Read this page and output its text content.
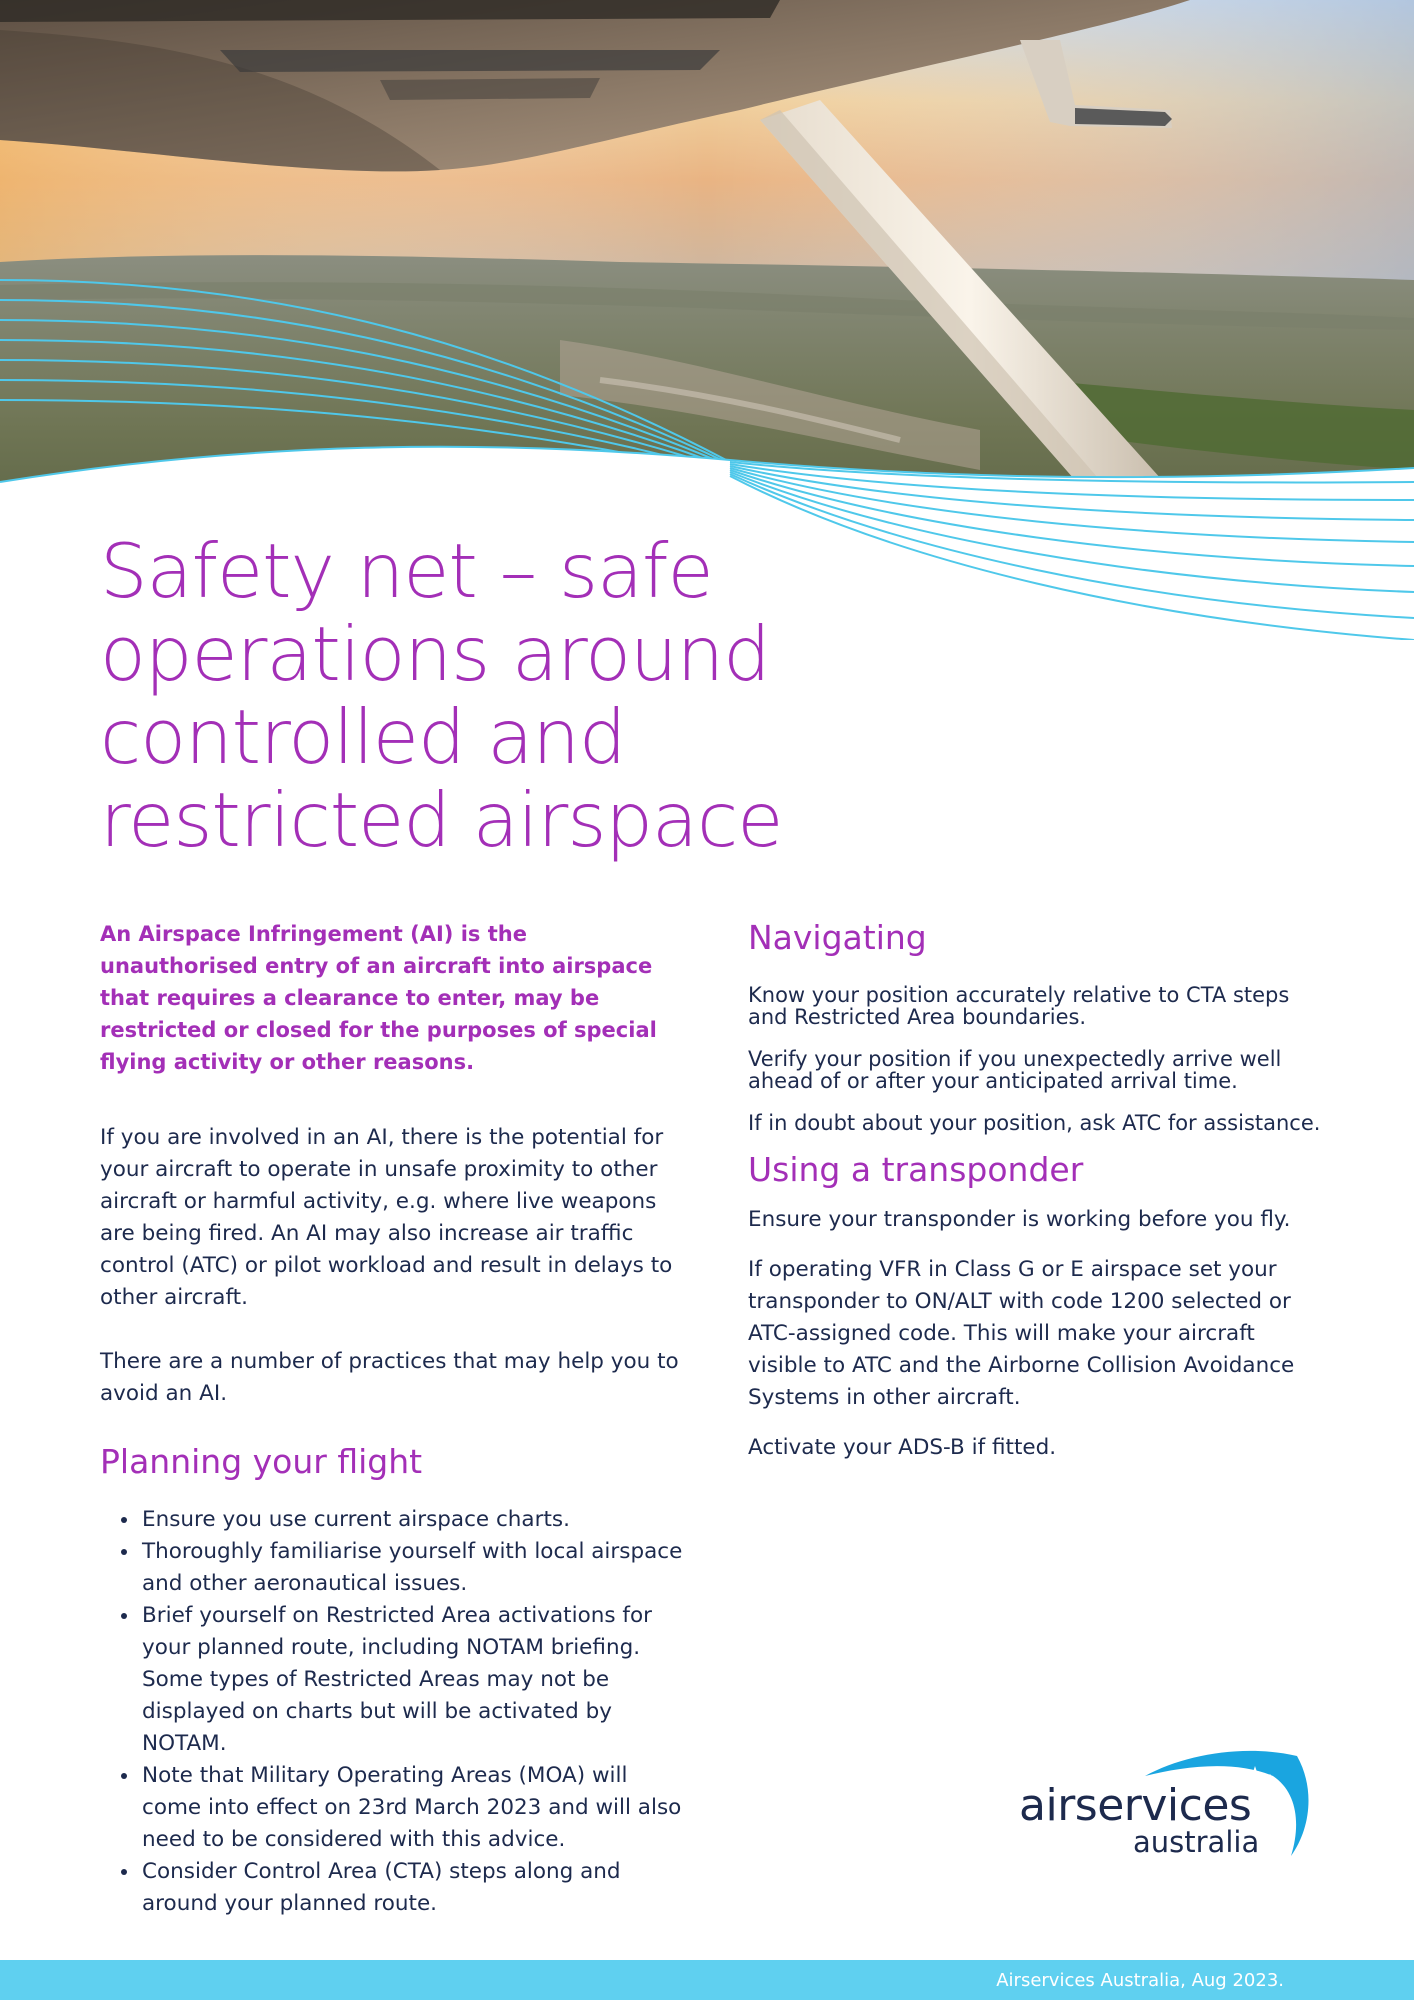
Safety net – safe operations around controlled and restricted airspace

An Airspace Infringement (AI) is the unauthorised entry of an aircraft into airspace that requires a clearance to enter, may be restricted or closed for the purposes of special flying activity or other reasons.

If you are involved in an AI, there is the potential for your aircraft to operate in unsafe proximity to other aircraft or harmful activity, e.g. where live weapons are being fired. An AI may also increase air traffic control (ATC) or pilot workload and result in delays to other aircraft.

There are a number of practices that may help you to avoid an AI.

Planning your flight
• Ensure you use current airspace charts.
• Thoroughly familiarise yourself with local airspace and other aeronautical issues.
• Brief yourself on Restricted Area activations for your planned route, including NOTAM briefing. Some types of Restricted Areas may not be displayed on charts but will be activated by NOTAM.
• Note that Military Operating Areas (MOA) will come into effect on 23rd March 2023 and will also need to be considered with this advice.
• Consider Control Area (CTA) steps along and around your planned route.
Navigating

Know your position accurately relative to CTA steps and Restricted Area boundaries.

Verify your position if you unexpectedly arrive well ahead of or after your anticipated arrival time.

If in doubt about your position, ask ATC for assistance.

Using a transponder

Ensure your transponder is working before you fly.

If operating VFR in Class G or E airspace set your transponder to ON/ALT with code 1200 selected or ATC-assigned code. This will make your aircraft visible to ATC and the Airborne Collision Avoidance Systems in other aircraft.

Activate your ADS-B if fitted.

airservices
australia
Airservices Australia, Aug 2023.
